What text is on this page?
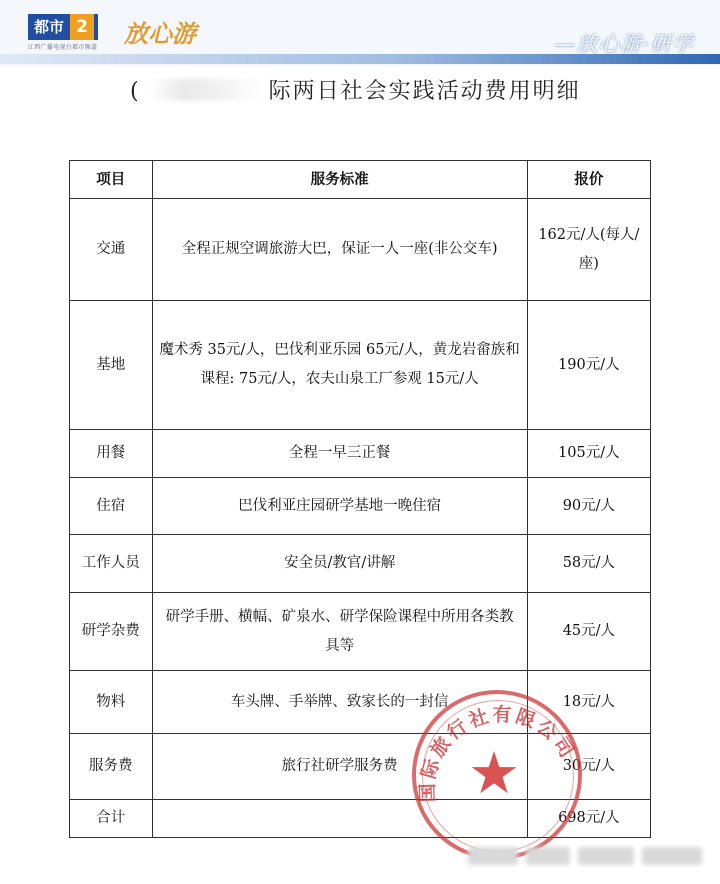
都市 2
江西广播电视台都市频道 放心游	—放心游·研学
(	际两日社会实践活动费用明细
项目	服务标准	报价
交通	全程正规空调旅游大巴，保证一人一座(非公交车)	162元/人(每人/座)
基地	魔术秀 35元/人，巴伐利亚乐园 65元/人，黄龙岩畲族和课程: 75元/人，农夫山泉工厂参观 15元/人	190元/人
用餐	全程一早三正餐	105元/人
住宿	巴伐利亚庄园研学基地一晚住宿	90元/人
工作人员	安全员/教官/讲解	58元/人
研学杂费	研学手册、横幅、矿泉水、研学保险课程中所用各类教具等	45元/人
物料	车头牌、手举牌、致家长的一封信	18元/人
服务费	旅行社研学服务费	30元/人
合计		698元/人
国际旅行社有限公司
★
